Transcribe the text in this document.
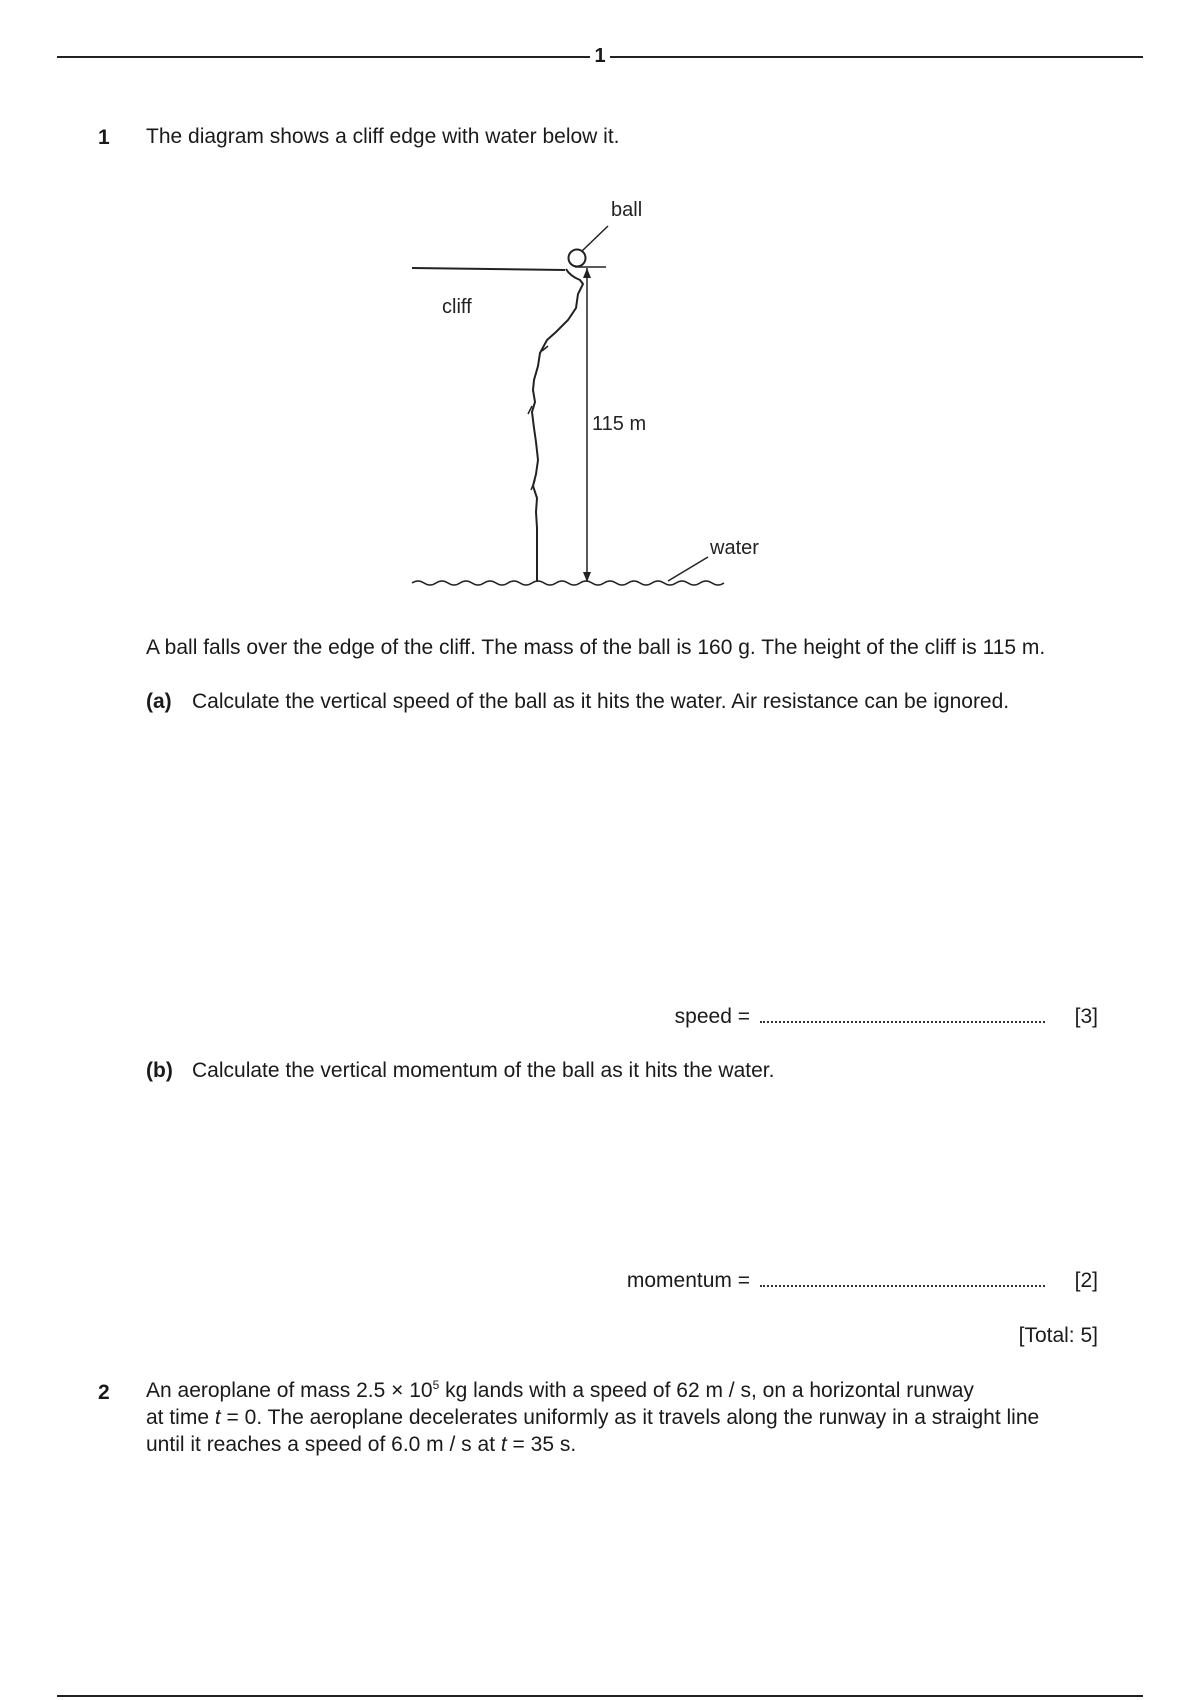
1
1 The diagram shows a cliff edge with water below it.
ball
cliff
115 m
water
A ball falls over the edge of the cliff. The mass of the ball is 160 g. The height of the cliff is 115 m.
(a) Calculate the vertical speed of the ball as it hits the water. Air resistance can be ignored.
speed =	[3]
(b) Calculate the vertical momentum of the ball as it hits the water.
momentum =	[2]
[Total: 5]
2 An aeroplane of mass $2.5 \times 10^5$ kg lands with a speed of 62 m / s, on a horizontal runway
at time t = 0. The aeroplane decelerates uniformly as it travels along the runway in a straight line
until it reaches a speed of 6.0 m / s at t = 35 s.
